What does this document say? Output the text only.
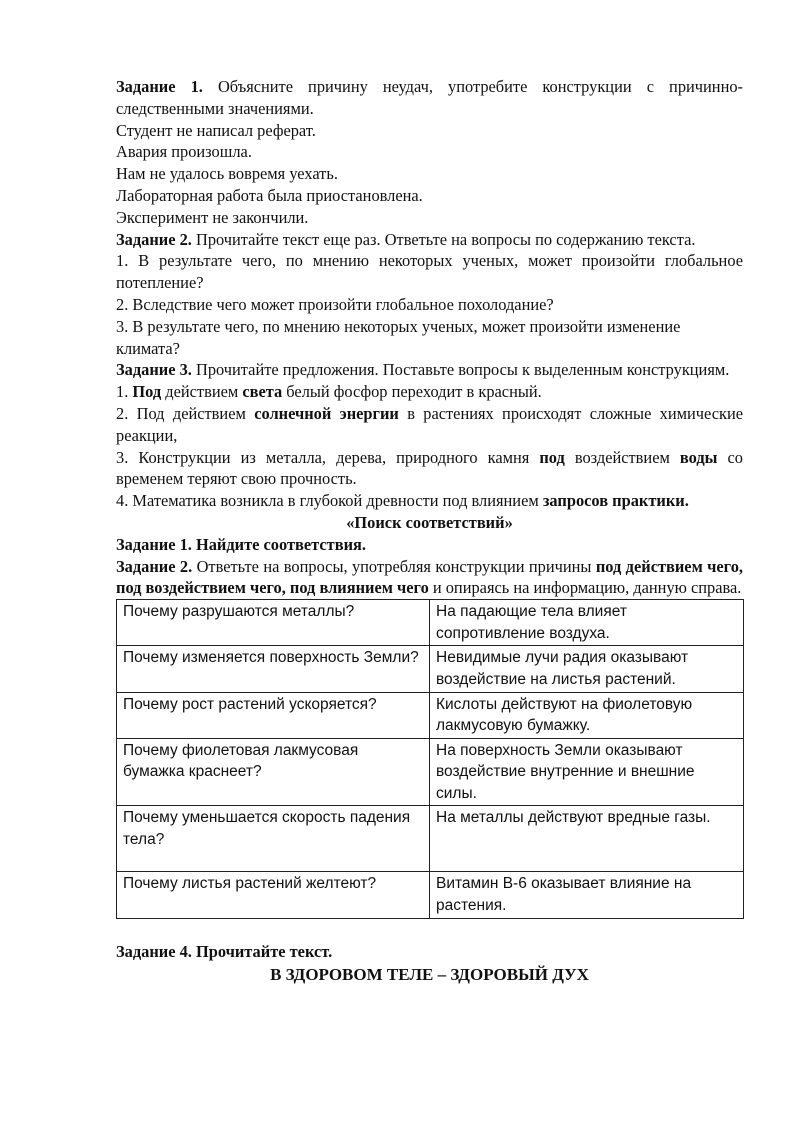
Задание 1. Объясните причину неудач, употребите конструкции с причинно-следственными значениями.

Студент не написал реферат.

Авария произошла.

Нам не удалось вовремя уехать.

Лабораторная работа была приостановлена.

Эксперимент не закончили.

Задание 2. Прочитайте текст еще раз. Ответьте на вопросы по содержанию текста.

1. В результате чего, по мнению некоторых ученых, может произойти глобальное потепление?

2. Вследствие чего может произойти глобальное похолодание?

3. В результате чего, по мнению некоторых ученых, может произойти изменение климата?

Задание 3. Прочитайте предложения. Поставьте вопросы к выделенным конструкциям.

1. Под действием света белый фосфор переходит в красный.

2. Под действием солнечной энергии в растениях происходят сложные химические реакции,

3. Конструкции из металла, дерева, природного камня под воздействием воды со временем теряют свою прочность.

4. Математика возникла в глубокой древности под влиянием запросов практики.

«Поиск соответствий»

Задание 1. Найдите соответствия.

Задание 2. Ответьте на вопросы, употребляя конструкции причины под действием чего, под воздействием чего, под влиянием чего и опираясь на информацию, данную справа.

Почему разрушаются металлы?	На падающие тела влияет сопротивление воздуха.
Почему изменяется поверхность Земли?	Невидимые лучи радия оказывают воздействие на листья растений.
Почему рост растений ускоряется?	Кислоты действуют на фиолетовую лакмусовую бумажку.
Почему фиолетовая лакмусовая бумажка краснеет?	На поверхность Земли оказывают воздействие внутренние и внешние силы.
Почему уменьшается скорость падения тела?	На металлы действуют вредные газы.
Почему листья растений желтеют?	Витамин В-6 оказывает влияние на растения.

Задание 4. Прочитайте текст.

В ЗДОРОВОМ ТЕЛЕ – ЗДОРОВЫЙ ДУХ
